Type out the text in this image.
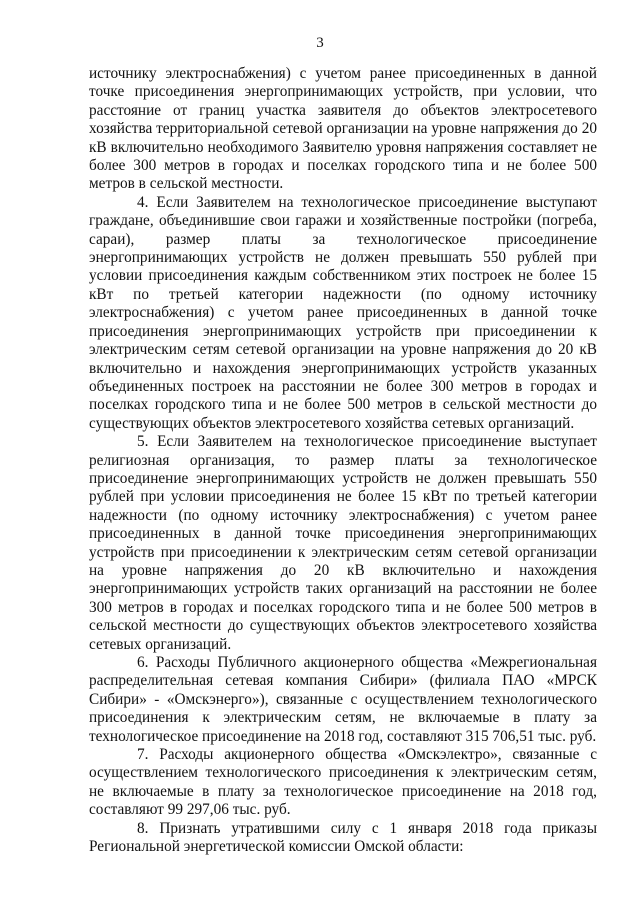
3

источнику электроснабжения) с учетом ранее присоединенных в данной точке присоединения энергопринимающих устройств, при условии, что расстояние от границ участка заявителя до объектов электросетевого хозяйства территориальной сетевой организации на уровне напряжения до 20 кВ включительно необходимого Заявителю уровня напряжения составляет не более 300 метров в городах и поселках городского типа и не более 500 метров в сельской местности.

4. Если Заявителем на технологическое присоединение выступают граждане, объединившие свои гаражи и хозяйственные постройки (погреба, сараи), размер платы за технологическое присоединение энергопринимающих устройств не должен превышать 550 рублей при условии присоединения каждым собственником этих построек не более 15 кВт по третьей категории надежности (по одному источнику электроснабжения) с учетом ранее присоединенных в данной точке присоединения энергопринимающих устройств при присоединении к электрическим сетям сетевой организации на уровне напряжения до 20 кВ включительно и нахождения энергопринимающих устройств указанных объединенных построек на расстоянии не более 300 метров в городах и поселках городского типа и не более 500 метров в сельской местности до существующих объектов электросетевого хозяйства сетевых организаций.

5. Если Заявителем на технологическое присоединение выступает религиозная организация, то размер платы за технологическое присоединение энергопринимающих устройств не должен превышать 550 рублей при условии присоединения не более 15 кВт по третьей категории надежности (по одному источнику электроснабжения) с учетом ранее присоединенных в данной точке присоединения энергопринимающих устройств при присоединении к электрическим сетям сетевой организации на уровне напряжения до 20 кВ включительно и нахождения энергопринимающих устройств таких организаций на расстоянии не более 300 метров в городах и поселках городского типа и не более 500 метров в сельской местности до существующих объектов электросетевого хозяйства сетевых организаций.

6. Расходы Публичного акционерного общества «Межрегиональная распределительная сетевая компания Сибири» (филиала ПАО «МРСК Сибири» - «Омскэнерго»), связанные с осуществлением технологического присоединения к электрическим сетям, не включаемые в плату за технологическое присоединение на 2018 год, составляют 315 706,51 тыс. руб.

7. Расходы акционерного общества «Омскэлектро», связанные с осуществлением технологического присоединения к электрическим сетям, не включаемые в плату за технологическое присоединение на 2018 год, составляют 99 297,06 тыс. руб.

8. Признать утратившими силу с 1 января 2018 года приказы Региональной энергетической комиссии Омской области:
